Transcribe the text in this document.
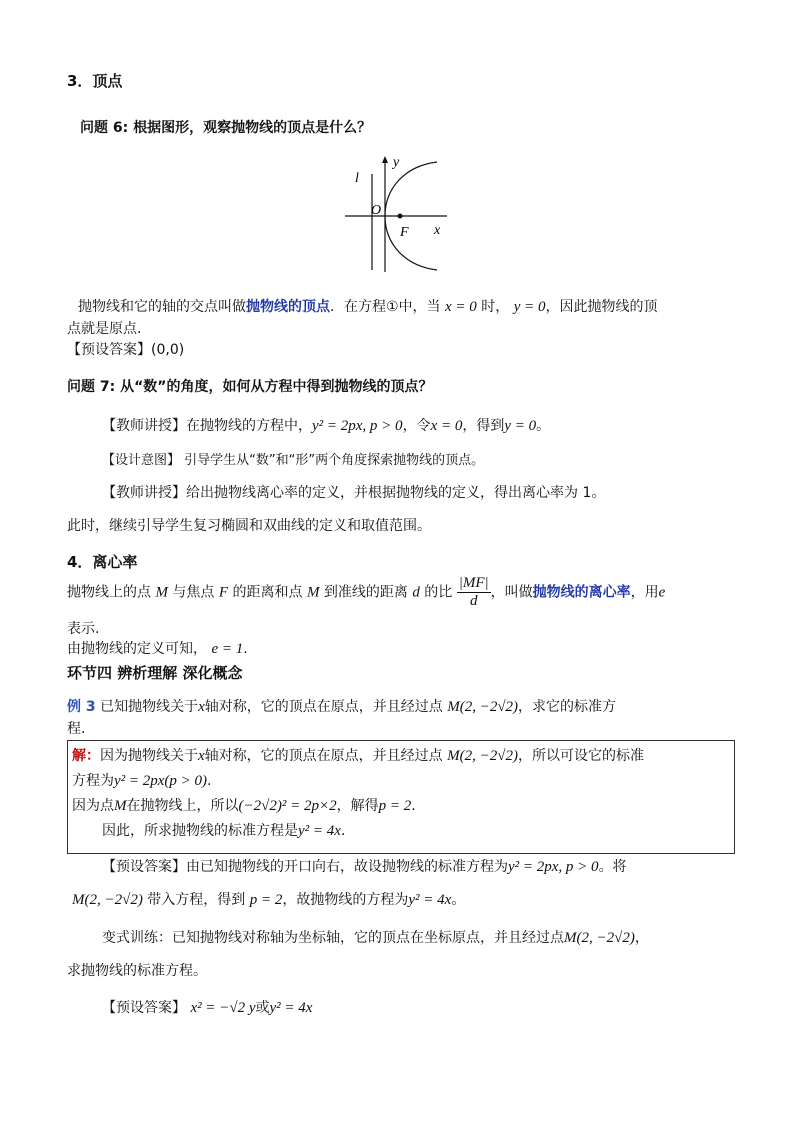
3．顶点
问题 6: 根据图形，观察抛物线的顶点是什么？
l
y
O
F x
抛物线和它的轴的交点叫做抛物线的顶点．在方程①中，当 x = 0 时， y = 0，因此抛物线的顶
点就是原点.
【预设答案】(0,0)
问题 7: 从“数”的角度，如何从方程中得到抛物线的顶点？
【教师讲授】在抛物线的方程中，y² = 2px, p > 0，令x = 0，得到y = 0。
【设计意图】 引导学生从“数”和“形”两个角度探索抛物线的顶点。
【教师讲授】给出抛物线离心率的定义，并根据抛物线的定义，得出离心率为 1。
此时，继续引导学生复习椭圆和双曲线的定义和取值范围。
4．离心率
抛物线上的点 M 与焦点 F 的距离和点 M 到准线的距离 d 的比 $\frac{|MF|}{d}$ ，叫做抛物线的离心率，用e
表示.
由抛物线的定义可知， e = 1.
环节四 辨析理解 深化概念
例 3 已知抛物线关于x轴对称，它的顶点在原点，并且经过点 M(2, −2√2)，求它的标准方
程.
解：因为抛物线关于x轴对称，它的顶点在原点，并且经过点 M(2, −2√2)，所以可设它的标准
方程为y² = 2px(p > 0).
因为点M在抛物线上，所以(−2√2)² = 2p×2，解得p = 2.
因此，所求抛物线的标准方程是y² = 4x.
【预设答案】由已知抛物线的开口向右，故设抛物线的标准方程为y² = 2px, p > 0。将
M(2, −2√2) 带入方程，得到 p = 2，故抛物线的方程为y² = 4x。
变式训练：已知抛物线对称轴为坐标轴，它的顶点在坐标原点，并且经过点M(2, −2√2)，
求抛物线的标准方程。
【预设答案】 x² = −√2 y或y² = 4x
